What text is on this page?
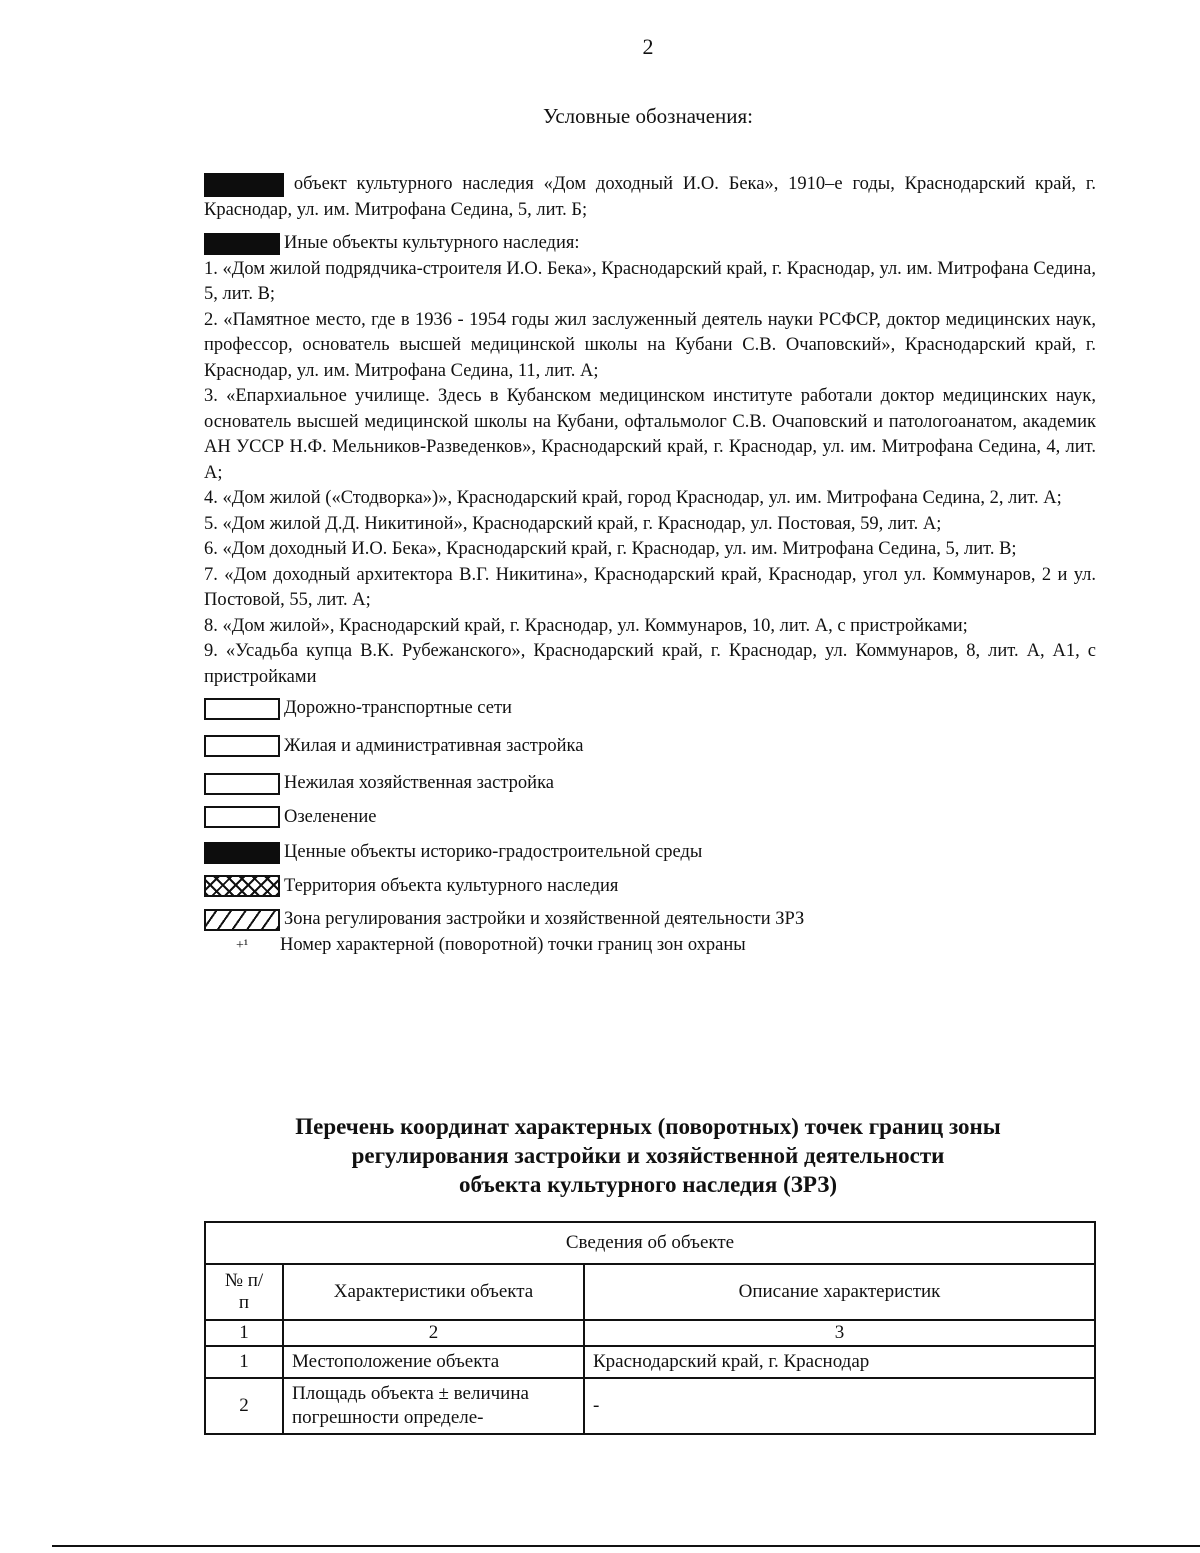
2
Условные обозначения:

объект культурного наследия «Дом доходный И.О. Бека», 1910–е годы, Краснодарский край, г. Краснодар, ул. им. Митрофана Седина, 5, лит. Б;

Иные объекты культурного наследия:

1. «Дом жилой подрядчика-строителя И.О. Бека», Краснодарский край, г. Краснодар, ул. им. Митрофана Седина, 5, лит. В;

2. «Памятное место, где в 1936 - 1954 годы жил заслуженный деятель науки РСФСР, доктор медицинских наук, профессор, основатель высшей медицинской школы на Кубани С.В. Очаповский», Краснодарский край, г. Краснодар, ул. им. Митрофана Седина, 11, лит. А;

3. «Епархиальное училище. Здесь в Кубанском медицинском институте работали доктор медицинских наук, основатель высшей медицинской школы на Кубани, офтальмолог С.В. Очаповский и патологоанатом, академик АН УССР Н.Ф. Мельников-Разведенков», Краснодарский край, г. Краснодар, ул. им. Митрофана Седина, 4, лит. А;

4. «Дом жилой («Стодворка»)», Краснодарский край, город Краснодар, ул. им. Митрофана Седина, 2, лит. А;

5. «Дом жилой Д.Д. Никитиной», Краснодарский край, г. Краснодар, ул. Постовая, 59, лит. А;

6. «Дом доходный И.О. Бека», Краснодарский край, г. Краснодар, ул. им. Митрофана Седина, 5, лит. В;

7. «Дом доходный архитектора В.Г. Никитина», Краснодарский край, Краснодар, угол ул. Коммунаров, 2 и ул. Постовой, 55, лит. А;

8. «Дом жилой», Краснодарский край, г. Краснодар, ул. Коммунаров, 10, лит. А, с пристройками;

9. «Усадьба купца В.К. Рубежанского», Краснодарский край, г. Краснодар, ул. Коммунаров, 8, лит. А, А1, с пристройками

Дорожно-транспортные сети

Жилая и административная застройка

Нежилая хозяйственная застройка

Озеленение

Ценные объекты историко-градостроительной среды

Территория объекта культурного наследия

Зона регулирования застройки и хозяйственной деятельности ЗРЗ

+¹	Номер характерной (поворотной) точки границ зон охраны

Перечень координат характерных (поворотных) точек границ зоны
регулирования застройки и хозяйственной деятельности
объекта культурного наследия (ЗРЗ)
Сведения об объекте		
№ п/п	Характеристики объекта	Описание характеристик
1	2	3
1	Местоположение объекта	Краснодарский край, г. Краснодар
2	Площадь объекта ± величина погрешности определе-	-
